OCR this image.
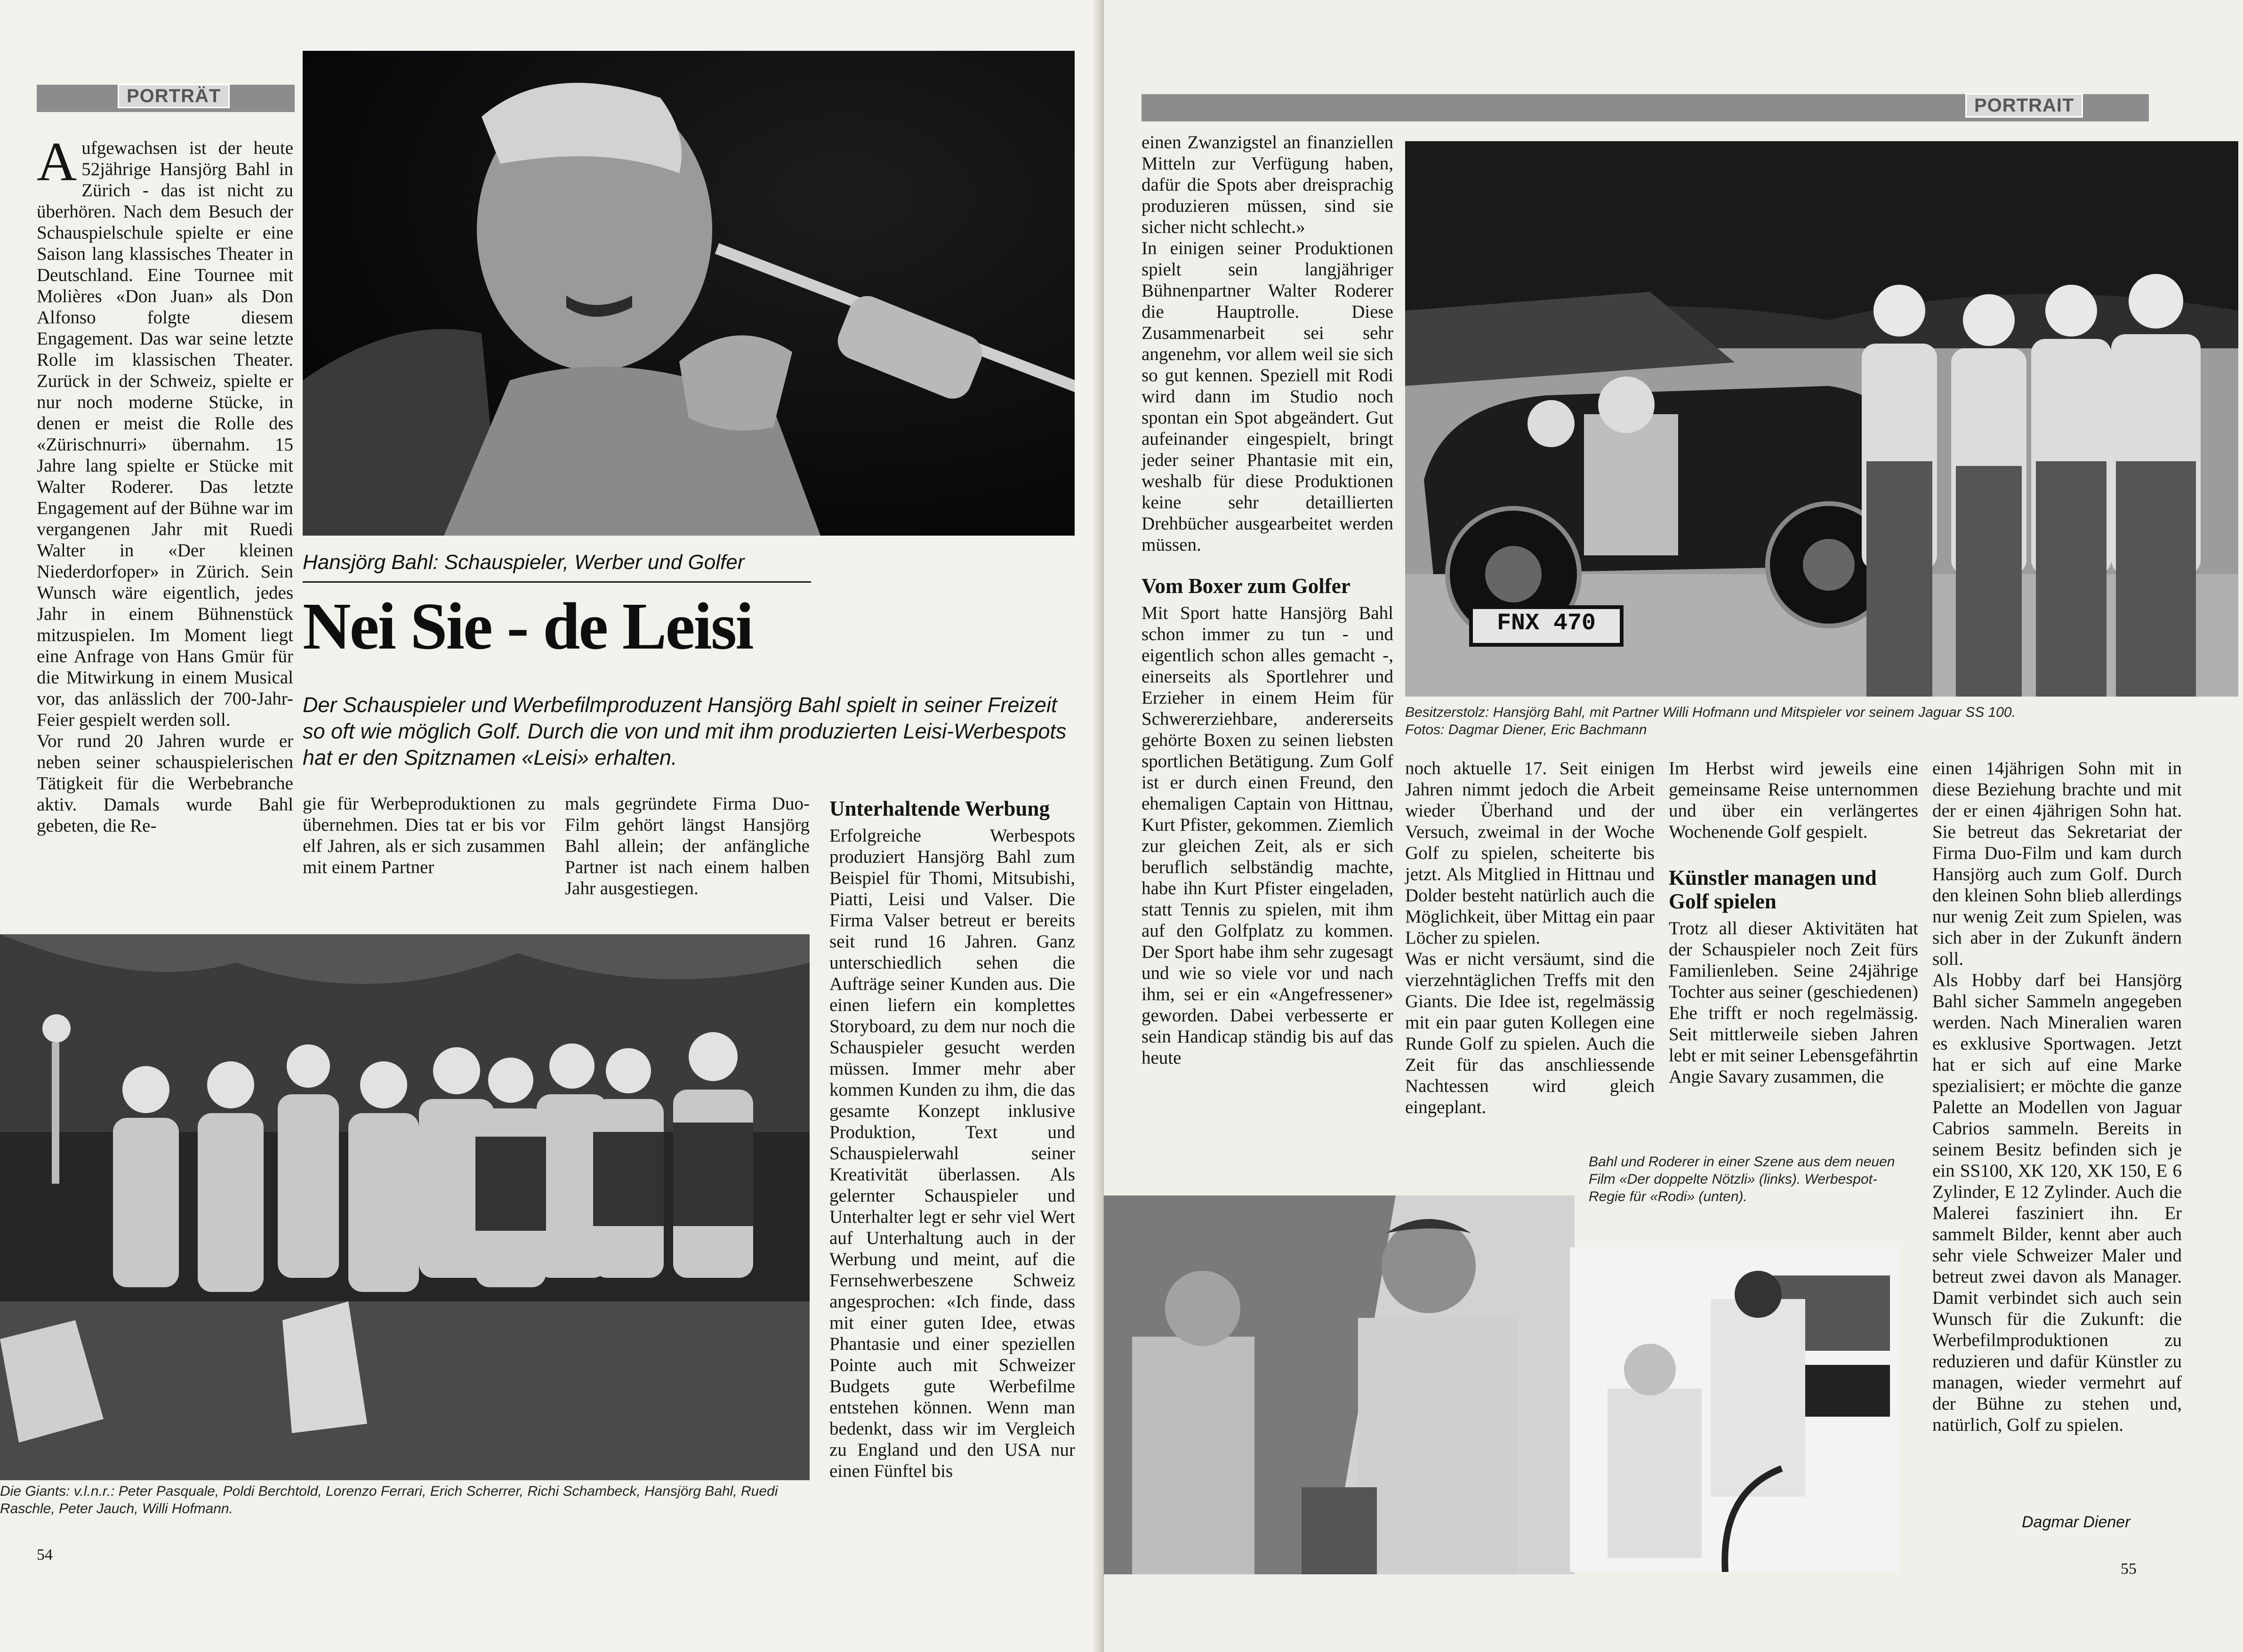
PORTRÄT

Aufgewachsen ist der heute 52jährige Hansjörg Bahl in Zürich - das ist nicht zu überhören. Nach dem Besuch der Schauspielschule spielte er eine Saison lang klassisches Theater in Deutschland. Eine Tournee mit Molières «Don Juan» als Don Alfonso folgte diesem Engagement. Das war seine letzte Rolle im klassischen Theater. Zurück in der Schweiz, spielte er nur noch moderne Stücke, in denen er meist die Rolle des «Zürischnurri» übernahm. 15 Jahre lang spielte er Stücke mit Walter Roderer. Das letzte Engagement auf der Bühne war im vergangenen Jahr mit Ruedi Walter in «Der kleinen Niederdorfoper» in Zürich. Sein Wunsch wäre eigentlich, jedes Jahr in einem Bühnenstück mitzuspielen. Im Moment liegt eine Anfrage von Hans Gmür für die Mitwirkung in einem Musical vor, das anlässlich der 700-Jahr-Feier gespielt werden soll.

Vor rund 20 Jahren wurde er neben seiner schauspielerischen Tätigkeit für die Werbebranche aktiv. Damals wurde Bahl gebeten, die Re-

Hansjörg Bahl: Schauspieler, Werber und Golfer
Nei Sie - de Leisi
Der Schauspieler und Werbefilmproduzent Hansjörg Bahl spielt in seiner Freizeit so oft wie möglich Golf. Durch die von und mit ihm produzierten Leisi-Werbespots hat er den Spitznamen «Leisi» erhalten.

gie für Werbeproduktionen zu übernehmen. Dies tat er bis vor elf Jahren, als er sich zusammen mit einem Partner

mals gegründete Firma Duo-Film gehört längst Hansjörg Bahl allein; der anfängliche Partner ist nach einem halben Jahr ausgestiegen.

Unterhaltende Werbung

Erfolgreiche Werbespots produziert Hansjörg Bahl zum Beispiel für Thomi, Mitsubishi, Piatti, Leisi und Valser. Die Firma Valser betreut er bereits seit rund 16 Jahren. Ganz unterschiedlich sehen die Aufträge seiner Kunden aus. Die einen liefern ein komplettes Storyboard, zu dem nur noch die Schauspieler gesucht werden müssen. Immer mehr aber kommen Kunden zu ihm, die das gesamte Konzept inklusive Produktion, Text und Schauspielerwahl seiner Kreativität überlassen. Als gelernter Schauspieler und Unterhalter legt er sehr viel Wert auf Unterhaltung auch in der Werbung und meint, auf die Fernsehwerbeszene Schweiz angesprochen: «Ich finde, dass mit einer guten Idee, etwas Phantasie und einer speziellen Pointe auch mit Schweizer Budgets gute Werbefilme entstehen können. Wenn man bedenkt, dass wir im Vergleich zu England und den USA nur einen Fünftel bis

Die Giants: v.l.n.r.: Peter Pasquale, Poldi Berchtold, Lorenzo Ferrari, Erich Scherrer, Richi Schambeck, Hansjörg Bahl, Ruedi Raschle, Peter Jauch, Willi Hofmann.
54
PORTRAIT

einen Zwanzigstel an finanziellen Mitteln zur Verfügung haben, dafür die Spots aber dreisprachig produzieren müssen, sind sie sicher nicht schlecht.»

In einigen seiner Produktionen spielt sein langjähriger Bühnenpartner Walter Roderer die Hauptrolle. Diese Zusammenarbeit sei sehr angenehm, vor allem weil sie sich so gut kennen. Speziell mit Rodi wird dann im Studio noch spontan ein Spot abgeändert. Gut aufeinander eingespielt, bringt jeder seiner Phantasie mit ein, weshalb für diese Produktionen keine sehr detaillierten Drehbücher ausgearbeitet werden müssen.

Vom Boxer zum Golfer

Mit Sport hatte Hansjörg Bahl schon immer zu tun - und eigentlich schon alles gemacht -, einerseits als Sportlehrer und Erzieher in einem Heim für Schwererziehbare, andererseits gehörte Boxen zu seinen liebsten sportlichen Betätigung. Zum Golf ist er durch einen Freund, den ehemaligen Captain von Hittnau, Kurt Pfister, gekommen. Ziemlich zur gleichen Zeit, als er sich beruflich selbständig machte, habe ihn Kurt Pfister eingeladen, statt Tennis zu spielen, mit ihm auf den Golfplatz zu kommen. Der Sport habe ihm sehr zugesagt und wie so viele vor und nach ihm, sei er ein «Angefressener» geworden. Dabei verbesserte er sein Handicap ständig bis auf das heute

FNX 470
Besitzerstolz: Hansjörg Bahl, mit Partner Willi Hofmann und Mitspieler vor seinem Jaguar SS 100.
Fotos: Dagmar Diener, Eric Bachmann

noch aktuelle 17. Seit einigen Jahren nimmt jedoch die Arbeit wieder Überhand und der Versuch, zweimal in der Woche Golf zu spielen, scheiterte bis jetzt. Als Mitglied in Hittnau und Dolder besteht natürlich auch die Möglichkeit, über Mittag ein paar Löcher zu spielen.

Was er nicht versäumt, sind die vierzehntäglichen Treffs mit den Giants. Die Idee ist, regelmässig mit ein paar guten Kollegen eine Runde Golf zu spielen. Auch die Zeit für das anschliessende Nachtessen wird gleich eingeplant.

Im Herbst wird jeweils eine gemeinsame Reise unternommen und über ein verlängertes Wochenende Golf gespielt.

Künstler managen und Golf spielen

Trotz all dieser Aktivitäten hat der Schauspieler noch Zeit fürs Familienleben. Seine 24jährige Tochter aus seiner (geschiedenen) Ehe trifft er noch regelmässig. Seit mittlerweile sieben Jahren lebt er mit seiner Lebensgefährtin Angie Savary zusammen, die

einen 14jährigen Sohn mit in diese Beziehung brachte und mit der er einen 4jährigen Sohn hat. Sie betreut das Sekretariat der Firma Duo-Film und kam durch Hansjörg auch zum Golf. Durch den kleinen Sohn blieb allerdings nur wenig Zeit zum Spielen, was sich aber in der Zukunft ändern soll.

Als Hobby darf bei Hansjörg Bahl sicher Sammeln angegeben werden. Nach Mineralien waren es exklusive Sportwagen. Jetzt hat er sich auf eine Marke spezialisiert; er möchte die ganze Palette an Modellen von Jaguar Cabrios sammeln. Bereits in seinem Besitz befinden sich je ein SS100, XK 120, XK 150, E 6 Zylinder, E 12 Zylinder. Auch die Malerei fasziniert ihn. Er sammelt Bilder, kennt aber auch sehr viele Schweizer Maler und betreut zwei davon als Manager. Damit verbindet sich auch sein Wunsch für die Zukunft: die Werbefilmproduktionen zu reduzieren und dafür Künstler zu managen, wieder vermehrt auf der Bühne zu stehen und, natürlich, Golf zu spielen.

Bahl und Roderer in einer Szene aus dem neuen Film «Der doppelte Nötzli» (links). Werbespot-Regie für «Rodi» (unten).
Dagmar Diener
55
